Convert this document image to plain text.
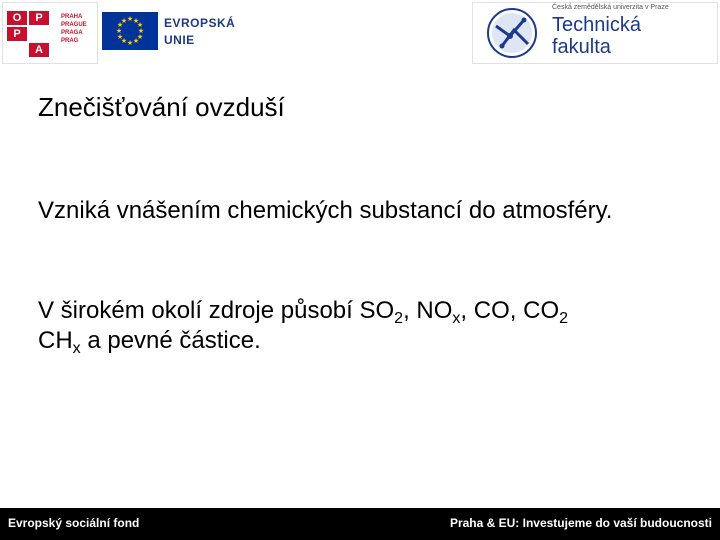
O	P
P
A
PRAHA
PRAGUE
PRAGA
PRAG
★ ★
★
★
★
★
★
★
★
★
★
★	EVROPSKÁ
UNIE
Česká zemědělská univerzita v Praze
Technická
fakulta
Znečišťování ovzduší
Vzniká vnášením chemických substancí do atmosféry.
V širokém okolí zdroje působí $SO_2$, $NO_x$, CO, $CO_2$
$CH_x$ a pevné částice.
Evropský sociální fond	Praha & EU: Investujeme do vaší budoucnosti
